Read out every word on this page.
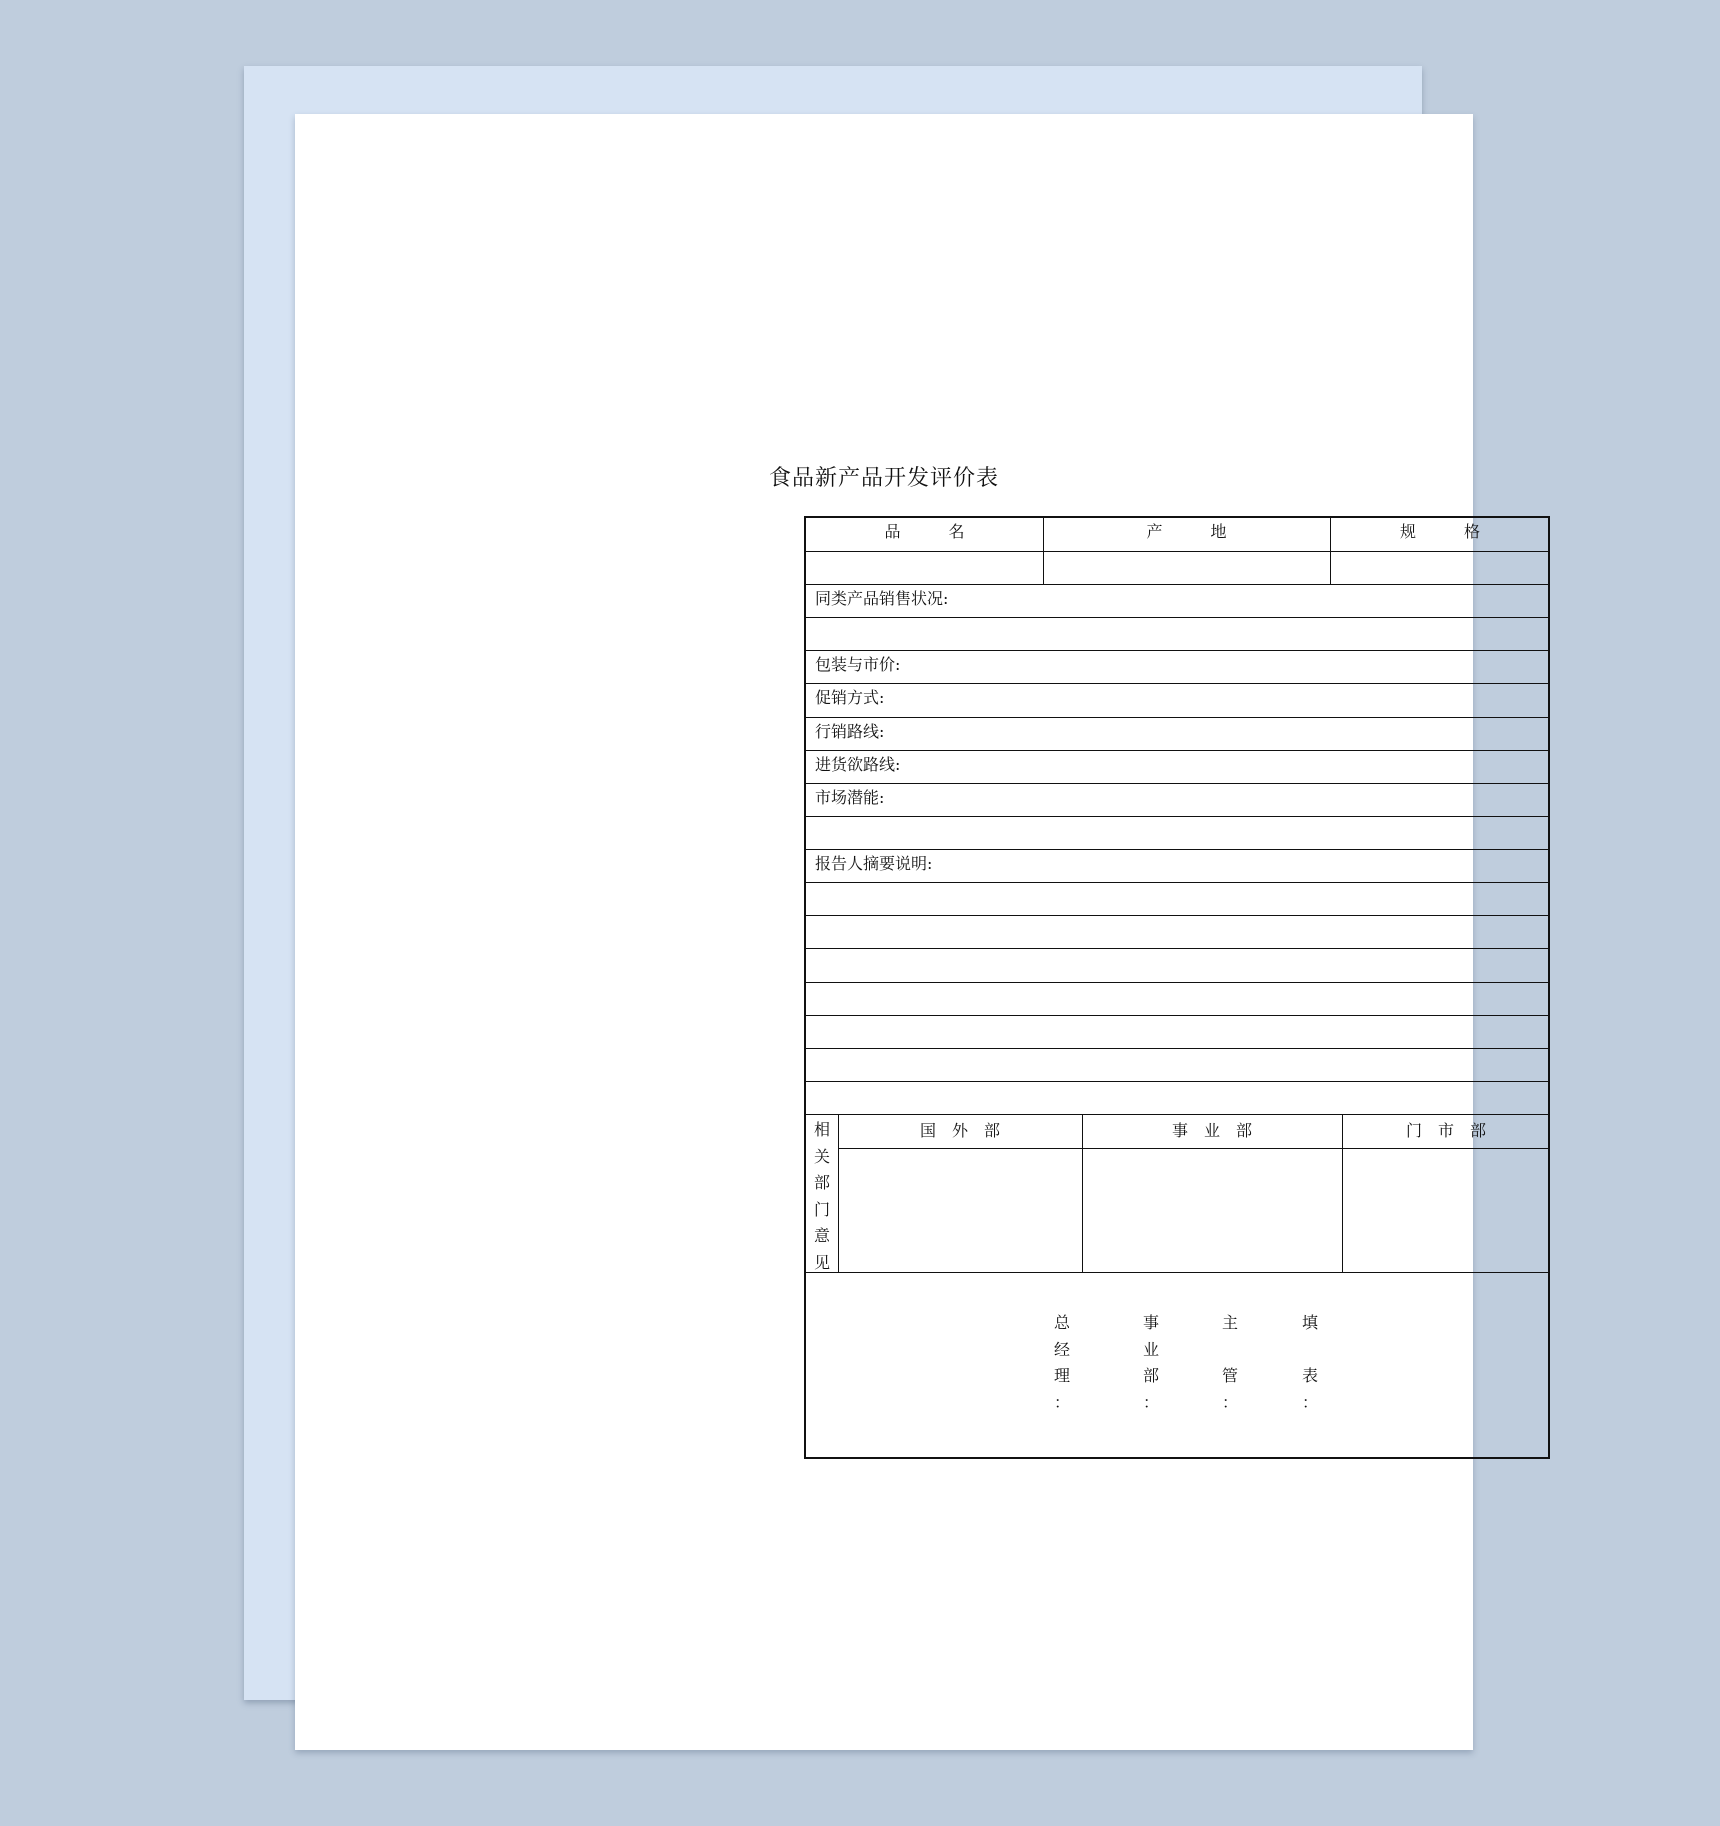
食品新产品开发评价表
品　　　名	产　　　地	规　　　格
同类产品销售状况:
包装与市价:
促销方式:
行销路线:
进货欲路线:
市场潜能:
报告人摘要说明:
相
关
部
门
意
见
国　外　部	事　业　部	门　市　部
总
经
理
：
事
业
部
：
主

管
：
填

表
：
